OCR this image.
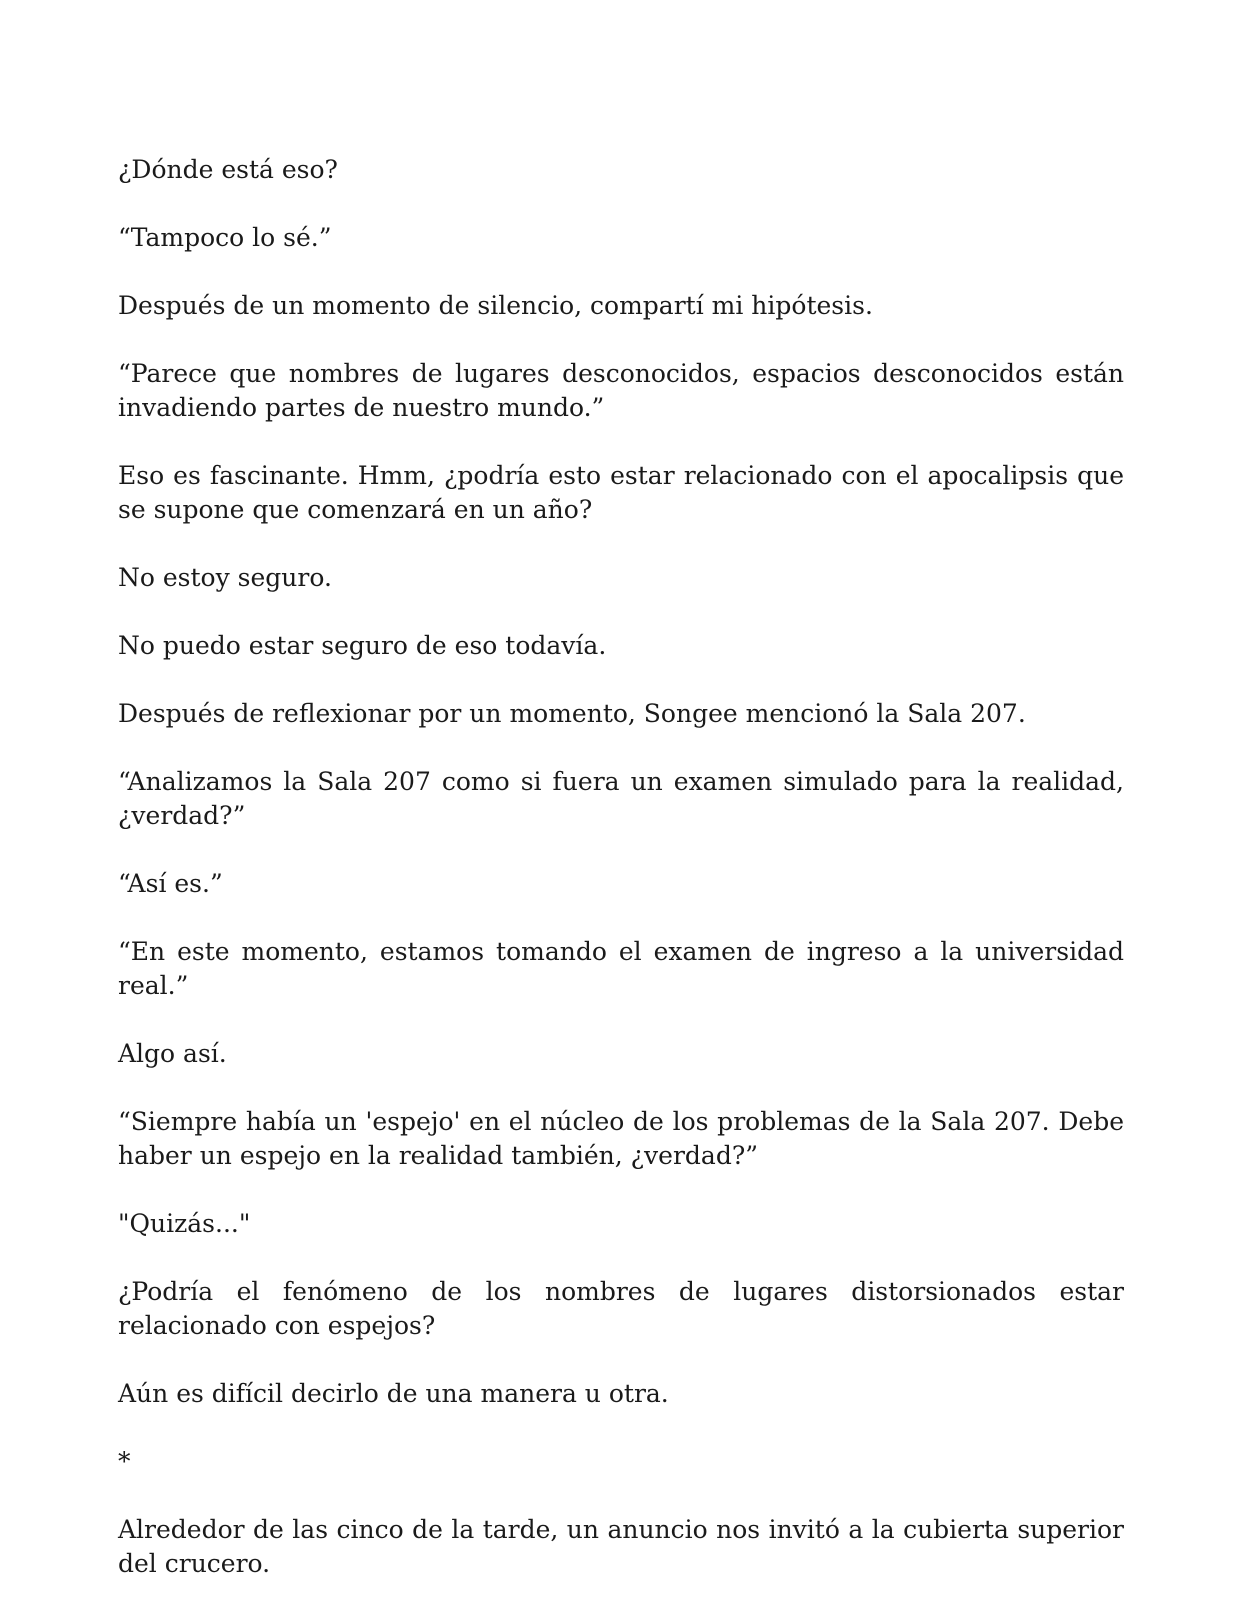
¿Dónde está eso?

“Tampoco lo sé.”

Después de un momento de silencio, compartí mi hipótesis.

“Parece que nombres de lugares desconocidos, espacios desconocidos están invadiendo partes de nuestro mundo.”

Eso es fascinante. Hmm, ¿podría esto estar relacionado con el apocalipsis que se supone que comenzará en un año?

No estoy seguro.

No puedo estar seguro de eso todavía.

Después de reflexionar por un momento, Songee mencionó la Sala 207.

“Analizamos la Sala 207 como si fuera un examen simulado para la realidad, ¿verdad?”

“Así es.”

“En este momento, estamos tomando el examen de ingreso a la universidad real.”

Algo así.

“Siempre había un 'espejo' en el núcleo de los problemas de la Sala 207. Debe haber un espejo en la realidad también, ¿verdad?”

"Quizás..."

¿Podría el fenómeno de los nombres de lugares distorsionados estar relacionado con espejos?

Aún es difícil decirlo de una manera u otra.

*

Alrededor de las cinco de la tarde, un anuncio nos invitó a la cubierta superior del crucero.
